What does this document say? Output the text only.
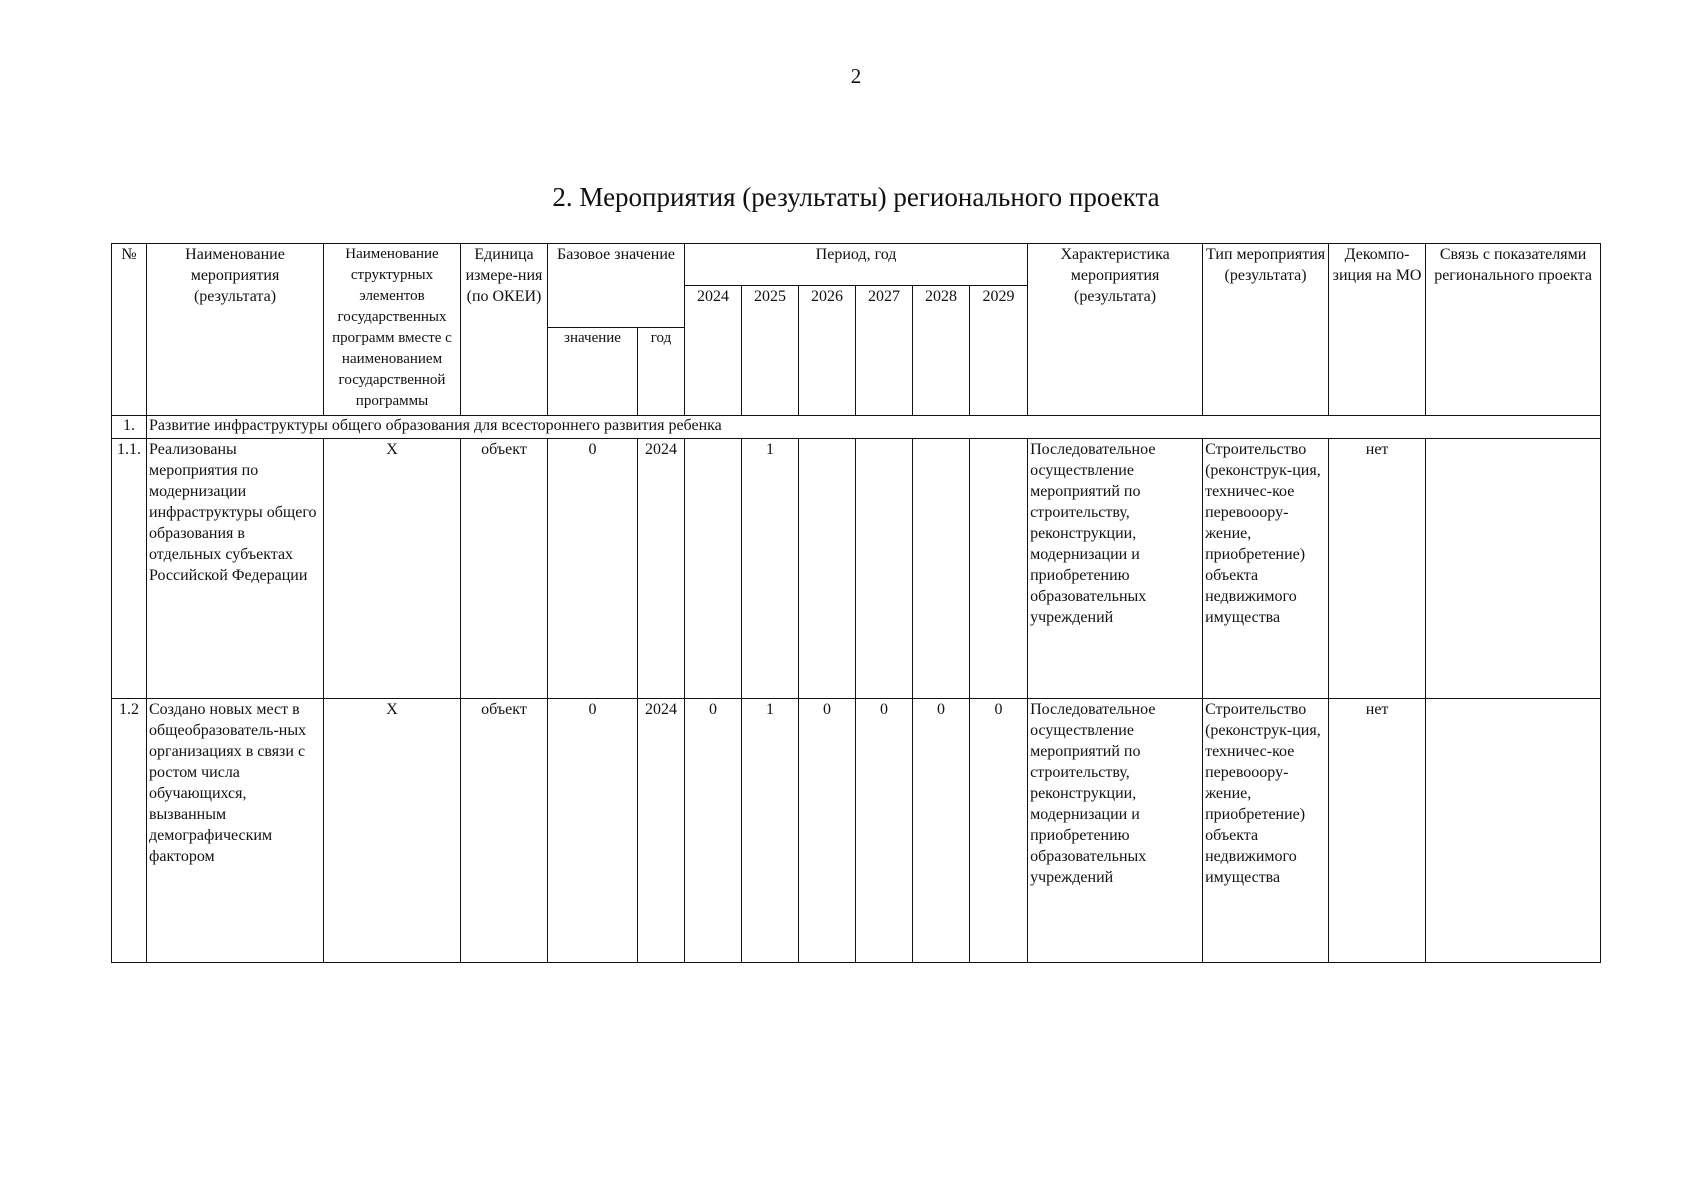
2
2. Мероприятия (результаты) регионального проекта
№	Наименование мероприятия (результата)	Наименование структурных элементов государственных программ вместе с наименованием государственной программы	Единица измере-ния (по ОКЕИ)	Базовое значение		Период, год						Характеристика мероприятия (результата)	Тип мероприятия (результата)	Декомпо-зиция на МО	Связь с показателями регионального проекта
						2024	2025	2026	2027	2028	2029				
				значение	год										
1.	Развитие инфраструктуры общего образования для всестороннего развития ребенка														
1.1.	Реализованы мероприятия по модернизации инфраструктуры общего образования в отдельных субъектах Российской Федерации	Х	объект	0	2024		1					Последовательное осуществление мероприятий по строительству, реконструкции, модернизации и приобретению образовательных учреждений	Строительство (реконструк-ция, техничес-кое перевооору-жение, приобретение) объекта недвижимого имущества	нет	
1.2	Создано новых мест в общеобразователь-ных организациях в связи с ростом числа обучающихся, вызванным демографическим фактором	Х	объект	0	2024	0	1	0	0	0	0	Последовательное осуществление мероприятий по строительству, реконструкции, модернизации и приобретению образовательных учреждений	Строительство (реконструк-ция, техничес-кое перевооору-жение, приобретение) объекта недвижимого имущества	нет	
